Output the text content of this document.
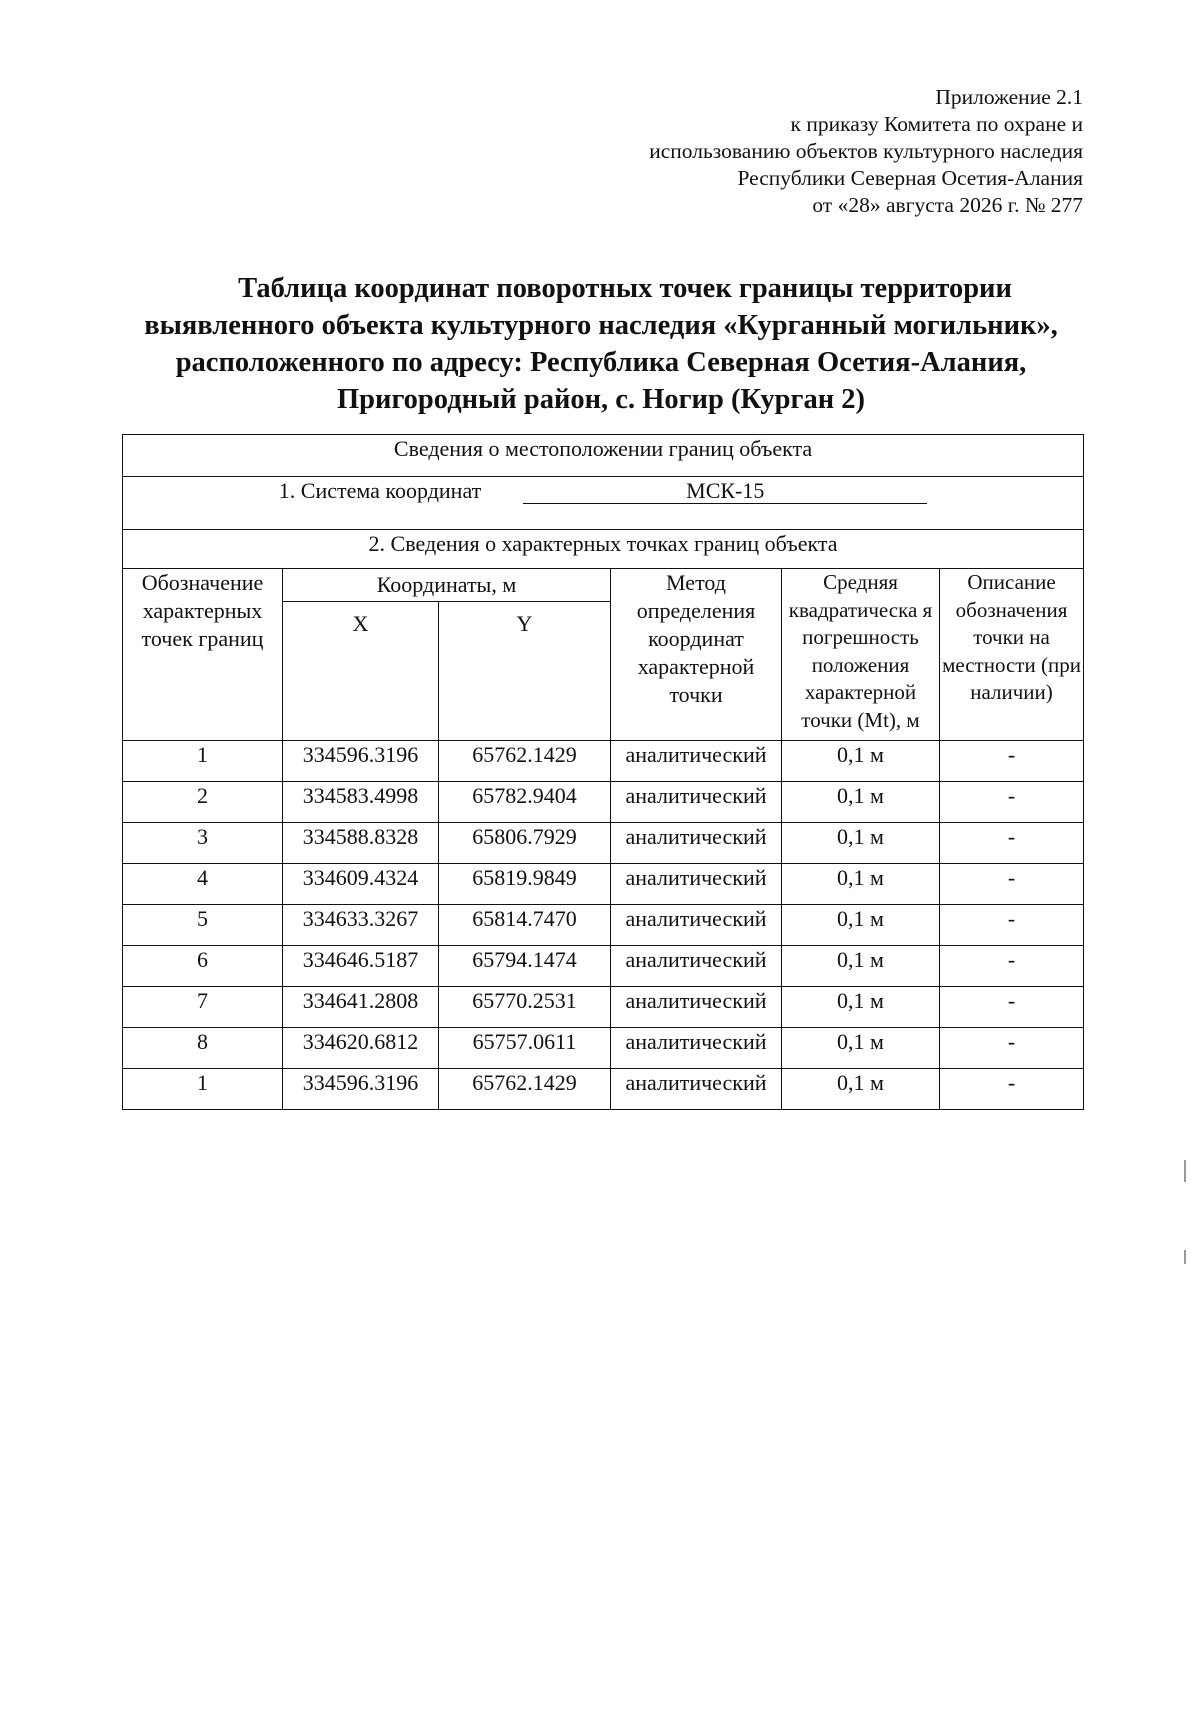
Приложение 2.1
к приказу Комитета по охране и
использованию объектов культурного наследия
Республики Северная Осетия-Алания
от «28» августа 2026 г. № 277
Таблица координат поворотных точек границы территории
выявленного объекта культурного наследия «Курганный могильник»,
расположенного по адресу: Республика Северная Осетия-Алания,
Пригородный район, с. Ногир (Курган 2)
Сведения о местоположении границ объекта					
1. Система координат МСК-15					
2. Сведения о характерных точках границ объекта					
Обозначение характерных точек границ	Координаты, м		Метод определения координат характерной точки	Средняя квадратическа я погрешность положения характерной точки (Mt), м	Описание обозначения точки на местности (при наличии)
	X	Y			
1	334596.3196	65762.1429	аналитический	0,1 м	-
2	334583.4998	65782.9404	аналитический	0,1 м	-
3	334588.8328	65806.7929	аналитический	0,1 м	-
4	334609.4324	65819.9849	аналитический	0,1 м	-
5	334633.3267	65814.7470	аналитический	0,1 м	-
6	334646.5187	65794.1474	аналитический	0,1 м	-
7	334641.2808	65770.2531	аналитический	0,1 м	-
8	334620.6812	65757.0611	аналитический	0,1 м	-
1	334596.3196	65762.1429	аналитический	0,1 м	-
